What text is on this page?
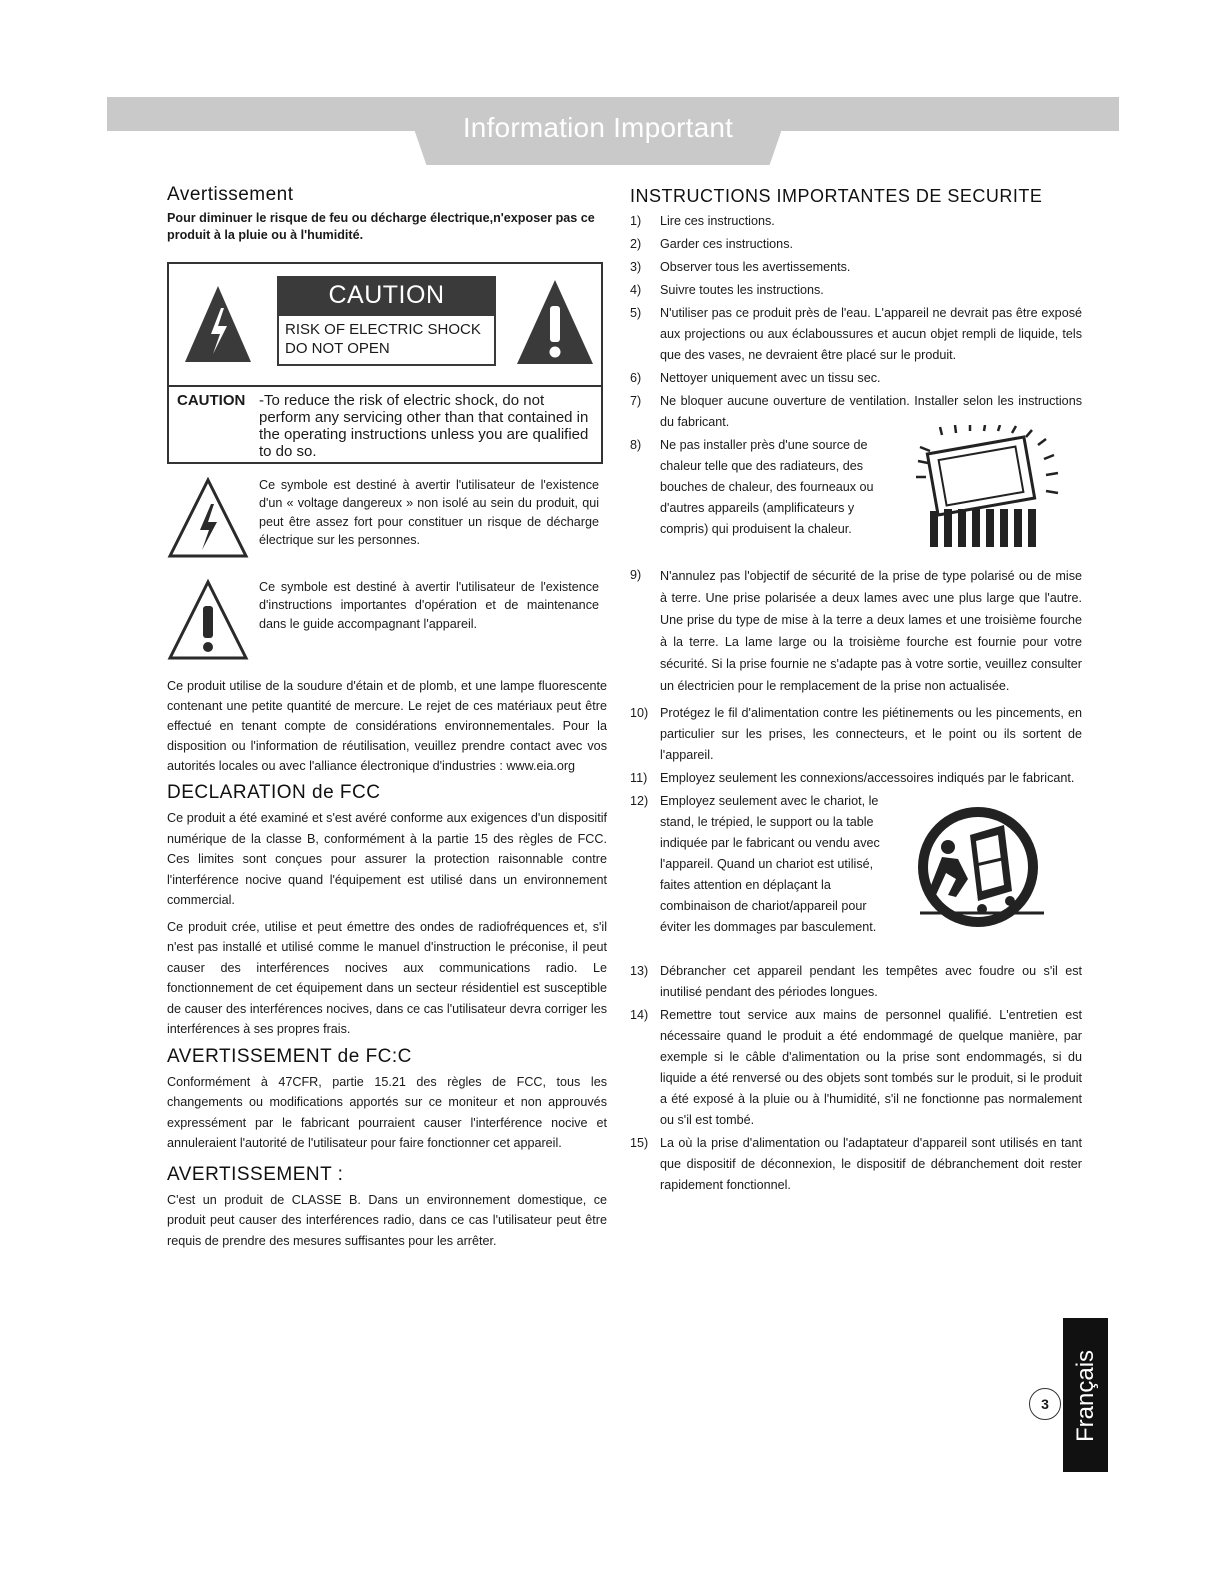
Information Important
Avertissement

Pour diminuer le risque de feu ou décharge électrique,n'exposer pas ce produit à la pluie ou à l'humidité.

CAUTION
RISK OF ELECTRIC SHOCK
DO NOT OPEN
CAUTION -To reduce the risk of electric shock, do not perform any servicing other than that contained in the operating instructions unless you are qualified to do so.

Ce symbole est destiné à avertir l'utilisateur de l'existence d'un « voltage dangereux » non isolé au sein du produit, qui peut être assez fort pour constituer un risque de décharge électrique sur les personnes.

Ce symbole est destiné à avertir l'utilisateur de l'existence d'instructions importantes d'opération et de maintenance dans le guide accompagnant l'appareil.

Ce produit utilise de la soudure d'étain et de plomb, et une lampe fluorescente contenant une petite quantité de mercure. Le rejet de ces matériaux peut être effectué en tenant compte de considérations environnementales. Pour la disposition ou l'information de réutilisation, veuillez prendre contact avec vos autorités locales ou avec l'alliance électronique d'industries : www.eia.org

DECLARATION de FCC

Ce produit a été examiné et s'est avéré conforme aux exigences d'un dispositif numérique de la classe B, conformément à la partie 15 des règles de FCC. Ces limites sont conçues pour assurer la protection raisonnable contre l'interférence nocive quand l'équipement est utilisé dans un environnement commercial.

Ce produit crée, utilise et peut émettre des ondes de radiofréquences et, s'il n'est pas installé et utilisé comme le manuel d'instruction le préconise, il peut causer des interférences nocives aux communications radio. Le fonctionnement de cet équipement dans un secteur résidentiel est susceptible de causer des interférences nocives, dans ce cas l'utilisateur devra corriger les interférences à ses propres frais.

AVERTISSEMENT de FC:C

Conformément à 47CFR, partie 15.21 des règles de FCC, tous les changements ou modifications apportés sur ce moniteur et non approuvés expressément par le fabricant pourraient causer l'interférence nocive et annuleraient l'autorité de l'utilisateur pour faire fonctionner cet appareil.

AVERTISSEMENT :

C'est un produit de CLASSE B. Dans un environnement domestique, ce produit peut causer des interférences radio, dans ce cas l'utilisateur peut être requis de prendre des mesures suffisantes pour les arrêter.

INSTRUCTIONS IMPORTANTES DE SECURITE
1) Lire ces instructions.
2) Garder ces instructions.
3) Observer tous les avertissements.
4) Suivre toutes les instructions.
5) N'utiliser pas ce produit près de l'eau. L'appareil ne devrait pas être exposé aux projections ou aux éclaboussures et aucun objet rempli de liquide, tels que des vases, ne devraient être placé sur le produit.
6) Nettoyer uniquement avec un tissu sec.
7) Ne bloquer aucune ouverture de ventilation. Installer selon les instructions du fabricant.
8) Ne pas installer près d'une source de chaleur telle que des radiateurs, des bouches de chaleur, des fourneaux ou d'autres appareils (amplificateurs y compris) qui produisent la chaleur.
9) N'annulez pas l'objectif de sécurité de la prise de type polarisé ou de mise à terre. Une prise polarisée a deux lames avec une plus large que l'autre. Une prise du type de mise à la terre a deux lames et une troisième fourche à la terre. La lame large ou la troisième fourche est fournie pour votre sécurité. Si la prise fournie ne s'adapte pas à votre sortie, veuillez consulter un électricien pour le remplacement de la prise non actualisée.
10) Protégez le fil d'alimentation contre les piétinements ou les pincements, en particulier sur les prises, les connecteurs, et le point ou ils sortent de l'appareil.
11) Employez seulement les connexions/accessoires indiqués par le fabricant.
12) Employez seulement avec le chariot, le stand, le trépied, le support ou la table indiquée par le fabricant ou vendu avec l'appareil. Quand un chariot est utilisé, faites attention en déplaçant la combinaison de chariot/appareil pour éviter les dommages par basculement.
13) Débrancher cet appareil pendant les tempêtes avec foudre ou s'il est inutilisé pendant des périodes longues.
14) Remettre tout service aux mains de personnel qualifié. L'entretien est nécessaire quand le produit a été endommagé de quelque manière, par exemple si le câble d'alimentation ou la prise sont endommagés, si du liquide a été renversé ou des objets sont tombés sur le produit, si le produit a été exposé à la pluie ou à l'humidité, s'il ne fonctionne pas normalement ou s'il est tombé.
15) La où la prise d'alimentation ou l'adaptateur d'appareil sont utilisés en tant que dispositif de déconnexion, le dispositif de débranchement doit rester rapidement fonctionnel.
3 Français
